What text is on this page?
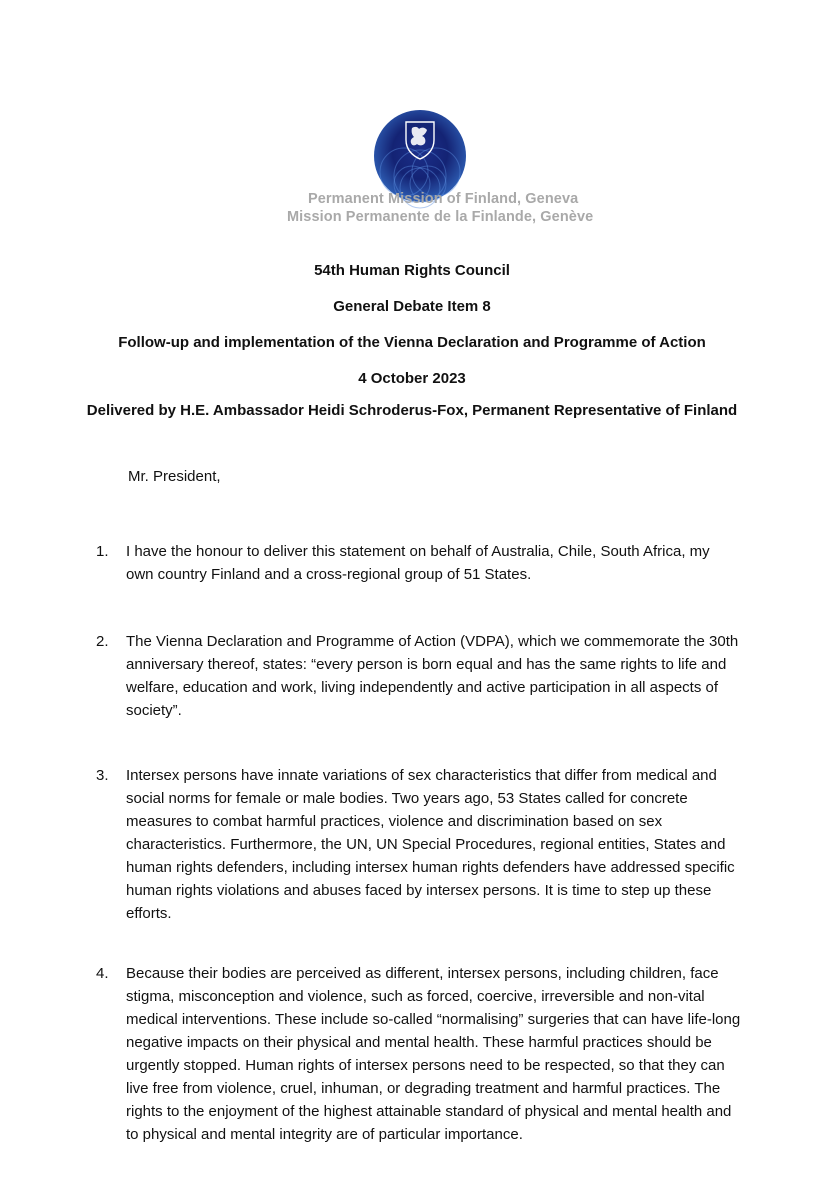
Permanent Mission of Finland, Geneva
Mission Permanente de la Finlande, Genève
54th Human Rights Council
General Debate Item 8
Follow-up and implementation of the Vienna Declaration and Programme of Action
4 October 2023
Delivered by H.E. Ambassador Heidi Schroderus-Fox, Permanent Representative of Finland
Mr. President,
1.	I have the honour to deliver this statement on behalf of Australia, Chile, South Africa, my
own country Finland and a cross-regional group of 51 States.
2.	The Vienna Declaration and Programme of Action (VDPA), which we commemorate the 30th
anniversary thereof, states: “every person is born equal and has the same rights to life and
welfare, education and work, living independently and active participation in all aspects of
society”.
3.	Intersex persons have innate variations of sex characteristics that differ from medical and
social norms for female or male bodies. Two years ago, 53 States called for concrete
measures to combat harmful practices, violence and discrimination based on sex
characteristics. Furthermore, the UN, UN Special Procedures, regional entities, States and
human rights defenders, including intersex human rights defenders have addressed specific
human rights violations and abuses faced by intersex persons. It is time to step up these
efforts.
4.	Because their bodies are perceived as different, intersex persons, including children, face
stigma, misconception and violence, such as forced, coercive, irreversible and non-vital
medical interventions. These include so-called “normalising” surgeries that can have life-long
negative impacts on their physical and mental health. These harmful practices should be
urgently stopped. Human rights of intersex persons need to be respected, so that they can
live free from violence, cruel, inhuman, or degrading treatment and harmful practices. The
rights to the enjoyment of the highest attainable standard of physical and mental health and
to physical and mental integrity are of particular importance.
